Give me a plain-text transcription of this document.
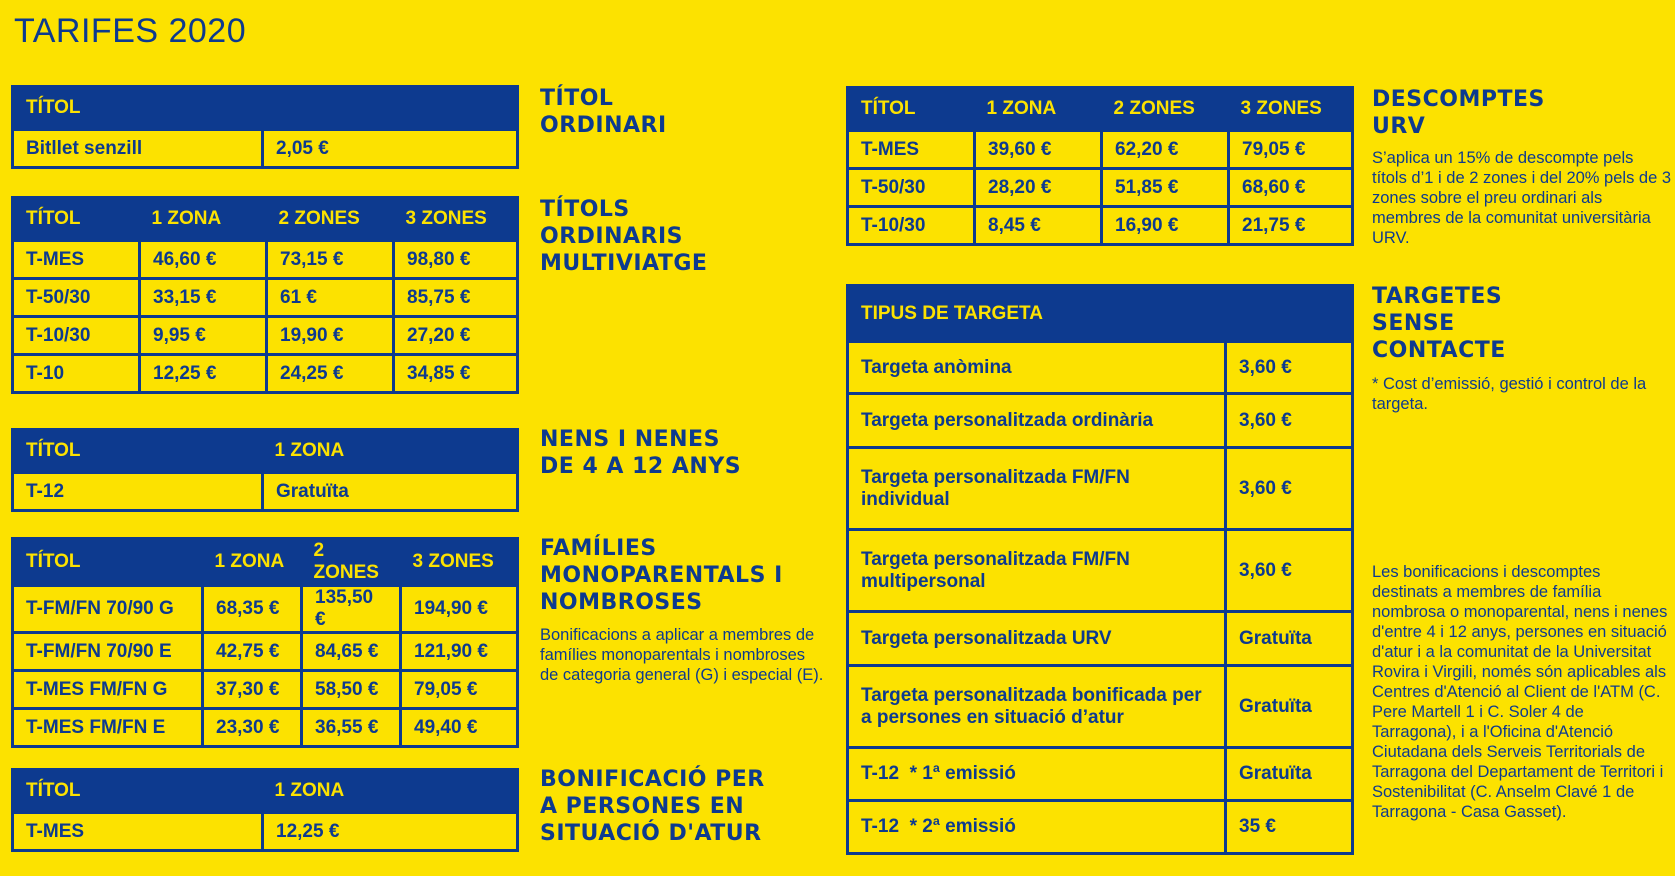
TARIFES 2020
TÍTOL
Bitllet senzill	2,05 €
TÍTOL ORDINARI
TÍTOL	1 ZONA	2 ZONES	3 ZONES
T-MES	46,60 €	73,15 €	98,80 €
T-50/30	33,15 €	61 €	85,75 €
T-10/30	9,95 €	19,90 €	27,20 €
T-10	12,25 €	24,25 €	34,85 €
TÍTOLS ORDINARIS MULTIVIATGE
TÍTOL	1 ZONA
T-12	Gratuïta
NENS I NENES DE 4 A 12 ANYS
TÍTOL	1 ZONA	2 ZONES	3 ZONES
T-FM/FN 70/90 G	68,35 €	135,50 €	194,90 €
T-FM/FN 70/90 E	42,75 €	84,65 €	121,90 €
T-MES FM/FN G	37,30 €	58,50 €	79,05 €
T-MES FM/FN E	23,30 €	36,55 €	49,40 €
FAMÍLIES MONOPARENTALS I NOMBROSES
Bonificacions a aplicar a membres de famílies monoparentals i nombroses de categoria general (G) i especial (E).
TÍTOL	1 ZONA
T-MES	12,25 €
BONIFICACIÓ PER A PERSONES EN SITUACIÓ D'ATUR
TÍTOL	1 ZONA	2 ZONES	3 ZONES
T-MES	39,60 €	62,20 €	79,05 €
T-50/30	28,20 €	51,85 €	68,60 €
T-10/30	8,45 €	16,90 €	21,75 €
DESCOMPTES URV
S’aplica un 15% de descompte pels títols d’1 i de 2 zones i del 20% pels de 3 zones sobre el preu ordinari als membres de la comunitat universitària URV.
TIPUS DE TARGETA	
Targeta anòmina	3,60 €
Targeta personalitzada ordinària	3,60 €
Targeta personalitzada FM/FN individual	3,60 €
Targeta personalitzada FM/FN multipersonal	3,60 €
Targeta personalitzada URV	Gratuïta
Targeta personalitzada bonificada per a persones en situació d’atur	Gratuïta
T-12  * 1ª emissió	Gratuïta
T-12  * 2ª emissió	35 €
TARGETES SENSE CONTACTE
* Cost d’emissió, gestió i control de la targeta.
Les bonificacions i descomptes destinats a membres de família nombrosa o monoparental, nens i nenes d'entre 4 i 12 anys, persones en situació d'atur i a la comunitat de la Universitat Rovira i Virgili, només són aplicables als Centres d'Atenció al Client de l'ATM (C. Pere Martell 1 i C. Soler 4 de Tarragona), i a l'Oficina d'Atenció Ciutadana dels Serveis Territorials de Tarragona del Departament de Territori i Sostenibilitat (C. Anselm Clavé 1 de Tarragona - Casa Gasset).
